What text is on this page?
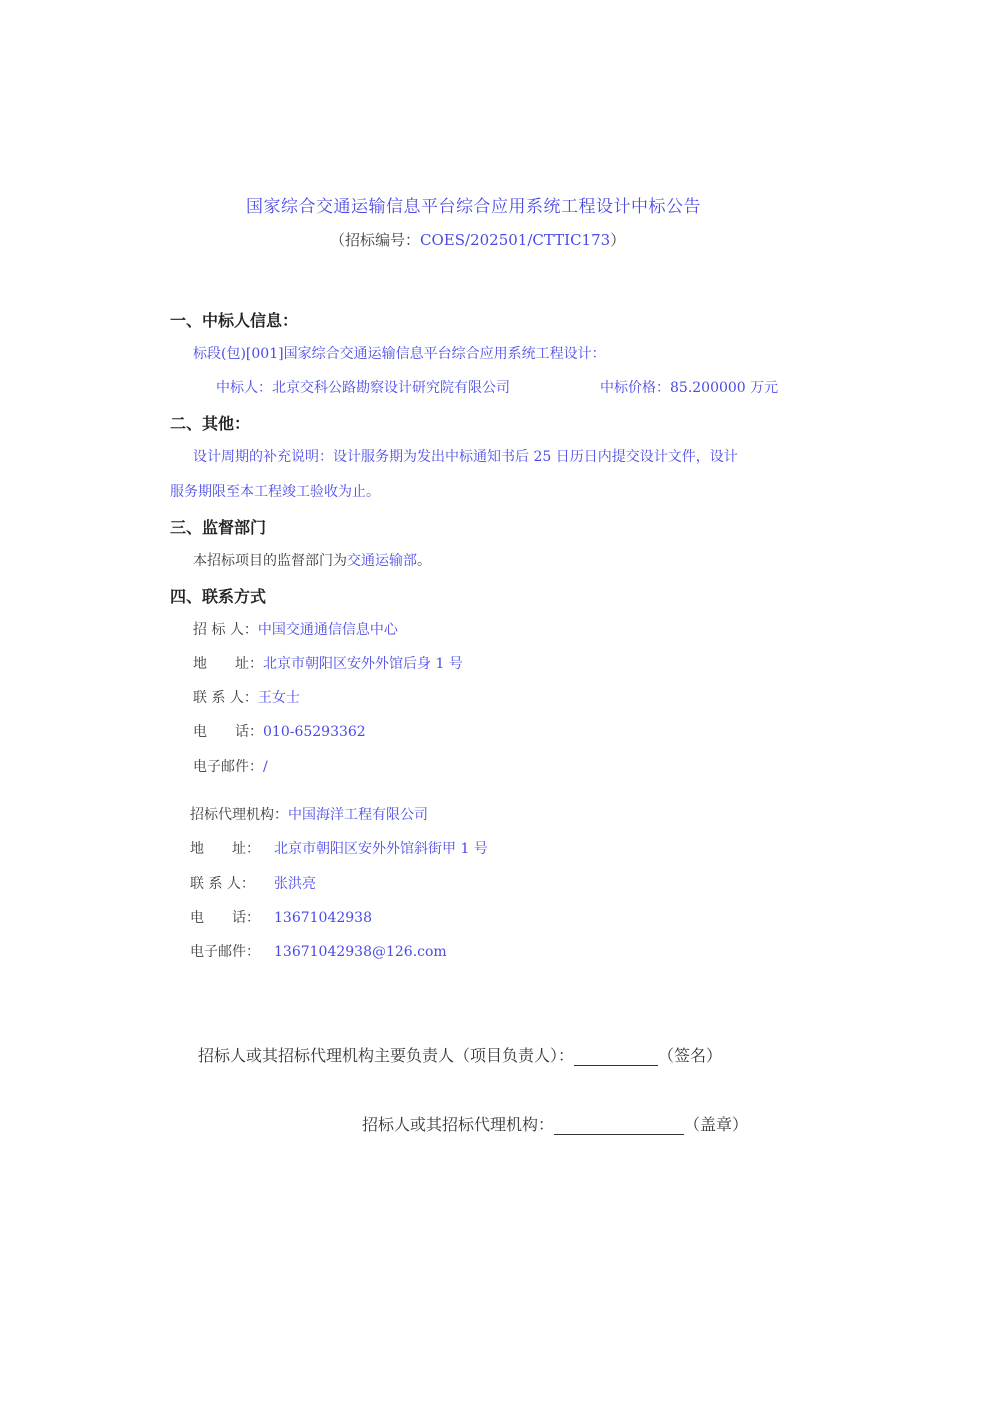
国家综合交通运输信息平台综合应用系统工程设计中标公告
（招标编号：COES/202501/CTTIC173）
一、中标人信息：
标段(包)[001]国家综合交通运输信息平台综合应用系统工程设计：
中标人：北京交科公路勘察设计研究院有限公司	中标价格：85.200000 万元
二、其他：
设计周期的补充说明：设计服务期为发出中标通知书后 25 日历日内提交设计文件，设计
服务期限至本工程竣工验收为止。
三、监督部门
本招标项目的监督部门为交通运输部。
四、联系方式
招 标 人：中国交通通信信息中心
地　　址：北京市朝阳区安外外馆后身 1 号
联 系 人：王女士
电　　话：010-65293362
电子邮件：/
招标代理机构：中国海洋工程有限公司
地　　址： 北京市朝阳区安外外馆斜街甲 1 号
联 系 人： 张洪亮
电　　话： 13671042938
电子邮件： 13671042938@126.com
招标人或其招标代理机构主要负责人（项目负责人）：	（签名）
招标人或其招标代理机构：	（盖章）
